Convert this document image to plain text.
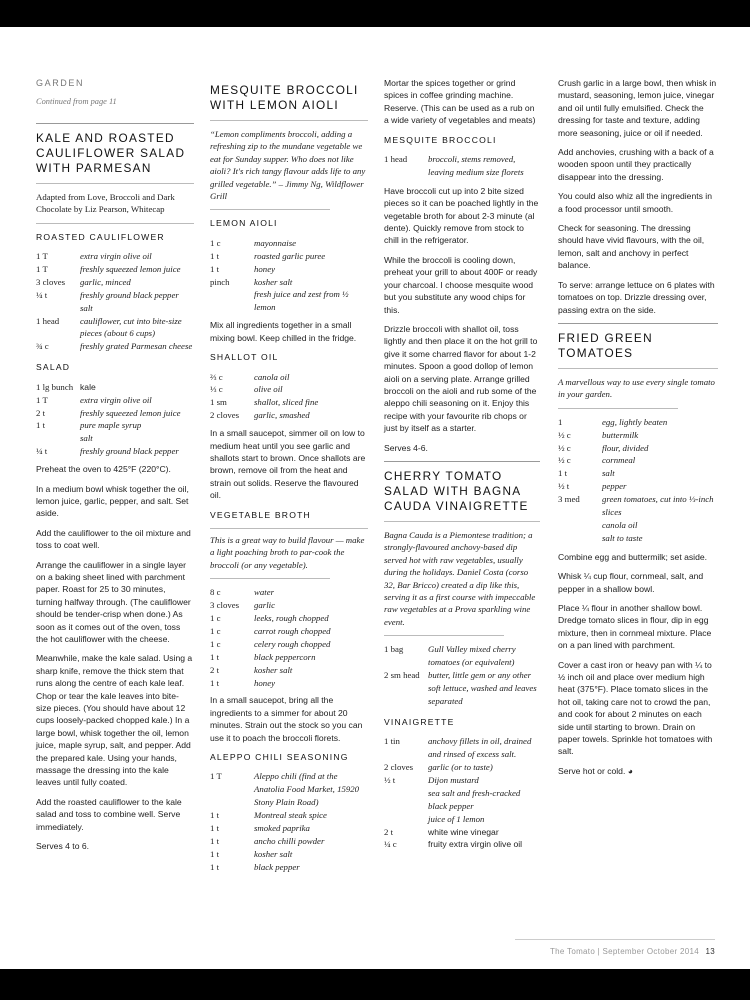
GARDEN

Continued from page 11

KALE AND ROASTED CAULIFLOWER SALAD WITH PARMESAN

Adapted from Love, Broccoli and Dark Chocolate by Liz Pearson, Whitecap

ROASTED CAULIFLOWER

1 T	extra virgin olive oil
1 T	freshly squeezed lemon juice
3 cloves	garlic, minced
¼ t	freshly ground black pepper
salt
1 head	cauliflower, cut into bite-size pieces (about 6 cups)
¾ c	freshly grated Parmesan cheese

SALAD

1 lg bunch kale
1 T	extra virgin olive oil
2 t	freshly squeezed lemon juice
1 t	pure maple syrup
salt
¼ t	freshly ground black pepper

Preheat the oven to 425°F (220°C).

In a medium bowl whisk together the oil, lemon juice, garlic, pepper, and salt. Set aside.

Add the cauliflower to the oil mixture and toss to coat well.

Arrange the cauliflower in a single layer on a baking sheet lined with parchment paper. Roast for 25 to 30 minutes, turning halfway through. (The cauliflower should be tender-crisp when done.) As soon as it comes out of the oven, toss the hot cauliflower with the cheese.

Meanwhile, make the kale salad. Using a sharp knife, remove the thick stem that runs along the centre of each kale leaf. Chop or tear the kale leaves into bite-size pieces. (You should have about 12 cups loosely-packed chopped kale.) In a large bowl, whisk together the oil, lemon juice, maple syrup, salt, and pepper. Add the prepared kale. Using your hands, massage the dressing into the kale leaves until fully coated.

Add the roasted cauliflower to the kale salad and toss to combine well. Serve immediately.

Serves 4 to 6.

MESQUITE BROCCOLI WITH LEMON AIOLI

“Lemon compliments broccoli, adding a refreshing zip to the mundane vegetable we eat for Sunday supper. Who does not like aioli? It's rich tangy flavour adds life to any grilled vegetable.” – Jimmy Ng, Wildflower Grill

LEMON AIOLI

1 c	mayonnaise
1 t	roasted garlic puree
1 t	honey
pinch	kosher salt
fresh juice and zest from ½ lemon

Mix all ingredients together in a small mixing bowl. Keep chilled in the fridge.

SHALLOT OIL

⅔ c	canola oil
⅓ c	olive oil
1 sm	shallot, sliced fine
2 cloves	garlic, smashed

In a small saucepot, simmer oil on low to medium heat until you see garlic and shallots start to brown. Once shallots are brown, remove oil from the heat and strain out solids. Reserve the flavoured oil.

VEGETABLE BROTH

This is a great way to build flavour — make a light poaching broth to par-cook the broccoli (or any vegetable).

8 c	water
3 cloves	garlic
1 c	leeks, rough chopped
1 c	carrot rough chopped
1 c	celery rough chopped
1 t	black peppercorn
2 t	kosher salt
1 t	honey

In a small saucepot, bring all the ingredients to a simmer for about 20 minutes. Strain out the stock so you can use it to poach the broccoli florets.

ALEPPO CHILI SEASONING

1 T	Aleppo chili (find at the Anatolia Food Market, 15920 Stony Plain Road)
1 t	Montreal steak spice
1 t	smoked paprika
1 t	ancho chilli powder
1 t	kosher salt
1 t	black pepper

Mortar the spices together or grind spices in coffee grinding machine. Reserve. (This can be used as a rub on a wide variety of vegetables and meats)

MESQUITE BROCCOLI

1 head	broccoli, stems removed, leaving medium size florets

Have broccoli cut up into 2 bite sized pieces so it can be poached lightly in the vegetable broth for about 2-3 minute (al dente). Quickly remove from stock to chill in the refrigerator.

While the broccoli is cooling down, preheat your grill to about 400F or ready your charcoal. I choose mesquite wood but you substitute any wood chips for this.

Drizzle broccoli with shallot oil, toss lightly and then place it on the hot grill to give it some charred flavor for about 1-2 minutes. Spoon a good dollop of lemon aioli on a serving plate. Arrange grilled broccoli on the aioli and rub some of the aleppo chili seasoning on it. Enjoy this recipe with your favourite rib chops or just by itself as a starter.

Serves 4-6.

CHERRY TOMATO SALAD WITH BAGNA CAUDA VINAIGRETTE

Bagna Cauda is a Piemontese tradition; a strongly-flavoured anchovy-based dip served hot with raw vegetables, usually during the holidays. Daniel Costa (corso 32, Bar Bricco) created a dip like this, serving it as a first course with impeccable raw vegetables at a Prova sparkling wine event.

1 bag	Gull Valley mixed cherry tomatoes (or equivalent)
2 sm head butter, little gem or any other soft lettuce, washed and leaves separated

VINAIGRETTE

1 tin	anchovy fillets in oil, drained and rinsed of excess salt.
2 cloves	garlic (or to taste)
½ t	Dijon mustard
sea salt and fresh-cracked black pepper
juice of 1 lemon
2 t	white wine vinegar
¼ c	fruity extra virgin olive oil

Crush garlic in a large bowl, then whisk in mustard, seasoning, lemon juice, vinegar and oil until fully emulsified. Check the dressing for taste and texture, adding more seasoning, juice or oil if needed.

Add anchovies, crushing with a back of a wooden spoon until they practically disappear into the dressing.

You could also whiz all the ingredients in a food processor until smooth.

Check for seasoning. The dressing should have vivid flavours, with the oil, lemon, salt and anchovy in perfect balance.

To serve: arrange lettuce on 6 plates with tomatoes on top. Drizzle dressing over, passing extra on the side.

FRIED GREEN TOMATOES

A marvellous way to use every single tomato in your garden.

1	egg, lightly beaten
½ c	buttermilk
½ c	flour, divided
½ c	cornmeal
1 t	salt
½ t	pepper
3 med	green tomatoes, cut into ⅓-inch slices
canola oil
salt to taste

Combine egg and buttermilk; set aside.

Whisk ¼ cup flour, cornmeal, salt, and pepper in a shallow bowl.

Place ¼ flour in another shallow bowl. Dredge tomato slices in flour, dip in egg mixture, then in cornmeal mixture. Place on a pan lined with parchment.

Cover a cast iron or heavy pan with ¼ to ½ inch oil and place over medium high heat (375°F). Place tomato slices in the hot oil, taking care not to crowd the pan, and cook for about 2 minutes on each side until starting to brown. Drain on paper towels. Sprinkle hot tomatoes with salt.

Serve hot or cold. ◕

The Tomato | September October 2014 13
